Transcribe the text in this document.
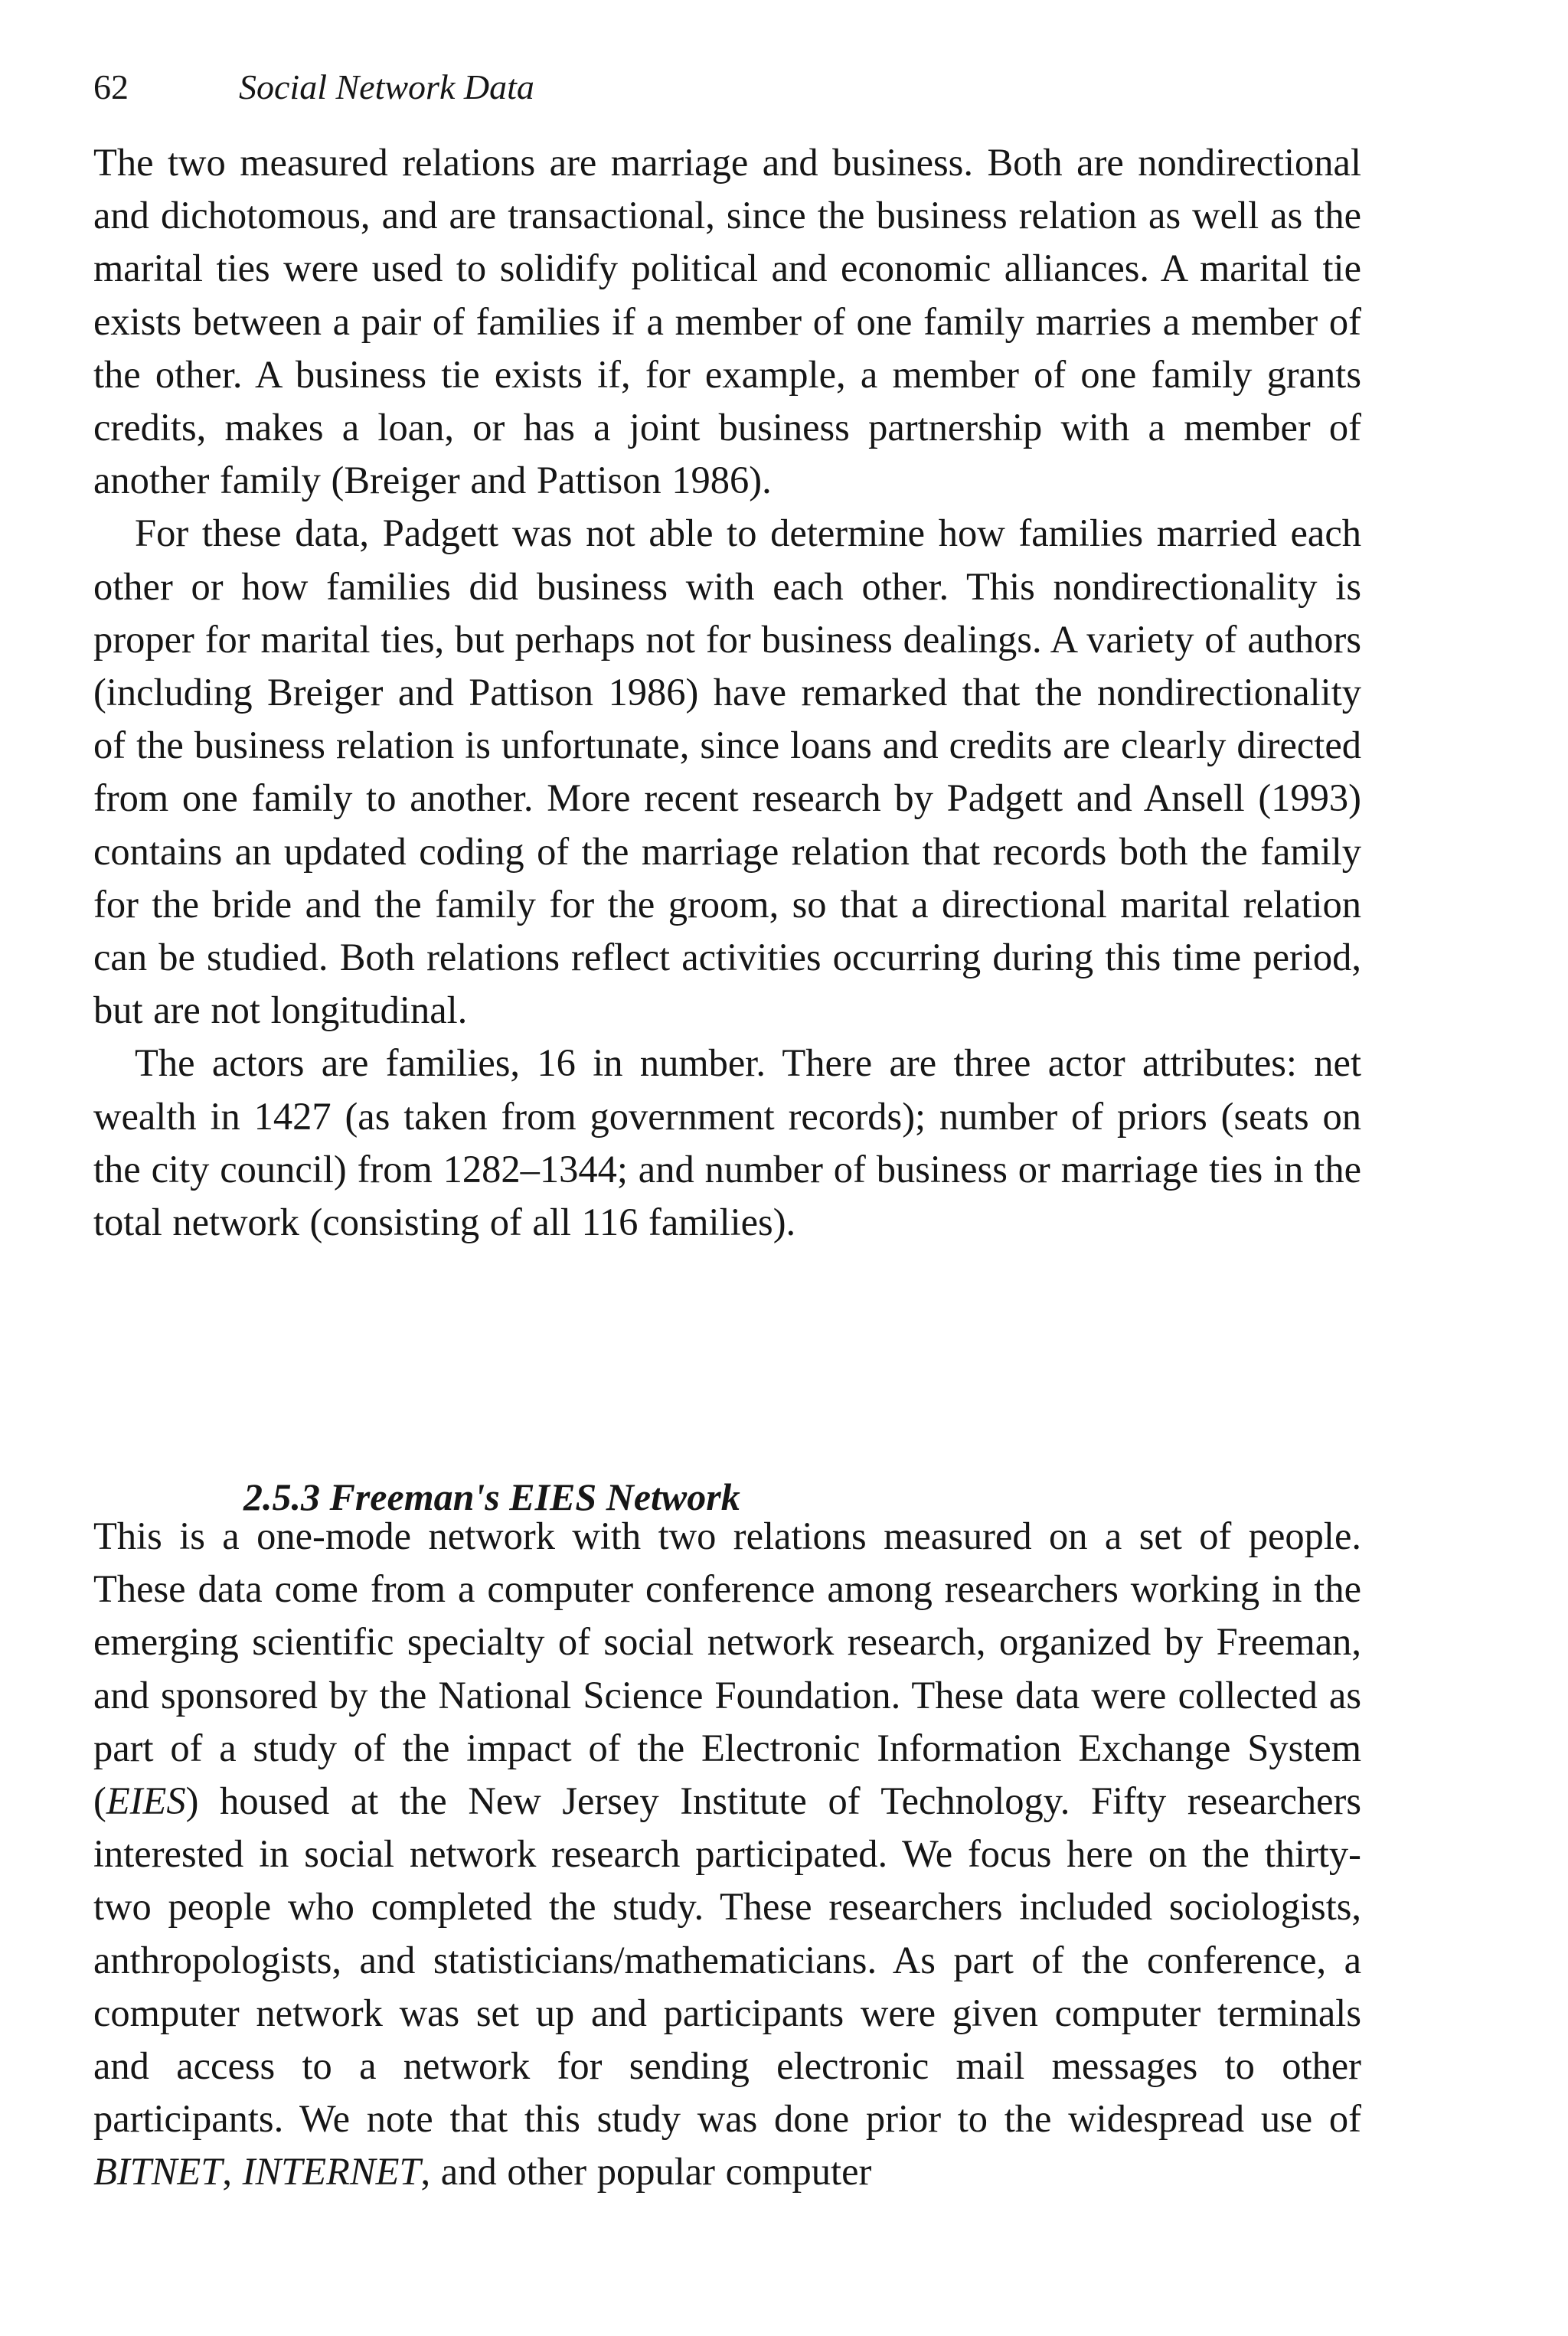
62	Social Network Data

The two measured relations are marriage and business. Both are nondirectional and dichotomous, and are transactional, since the business relation as well as the marital ties were used to solidify political and economic alliances. A marital tie exists between a pair of families if a member of one family marries a member of the other. A business tie exists if, for example, a member of one family grants credits, makes a loan, or has a joint business partnership with a member of another family (Breiger and Pattison 1986).

For these data, Padgett was not able to determine how families married each other or how families did business with each other. This nondirectionality is proper for marital ties, but perhaps not for business dealings. A variety of authors (including Breiger and Pattison 1986) have remarked that the nondirectionality of the business relation is unfortunate, since loans and credits are clearly directed from one family to another. More recent research by Padgett and Ansell (1993) contains an updated coding of the marriage relation that records both the family for the bride and the family for the groom, so that a directional marital relation can be studied. Both relations reflect activities occurring during this time period, but are not longitudinal.

The actors are families, 16 in number. There are three actor attributes: net wealth in 1427 (as taken from government records); number of priors (seats on the city council) from 1282–1344; and number of business or marriage ties in the total network (consisting of all 116 families).

2.5.3 Freeman's EIES Network

This is a one-mode network with two relations measured on a set of people. These data come from a computer conference among researchers working in the emerging scientific specialty of social network research, organized by Freeman, and sponsored by the National Science Foundation. These data were collected as part of a study of the impact of the Electronic Information Exchange System (EIES) housed at the New Jersey Institute of Technology. Fifty researchers interested in social network research participated. We focus here on the thirty-two people who completed the study. These researchers included sociologists, anthropologists, and statisticians/mathematicians. As part of the conference, a computer network was set up and participants were given computer terminals and access to a network for sending electronic mail messages to other participants. We note that this study was done prior to the widespread use of BITNET, INTERNET, and other popular computer
